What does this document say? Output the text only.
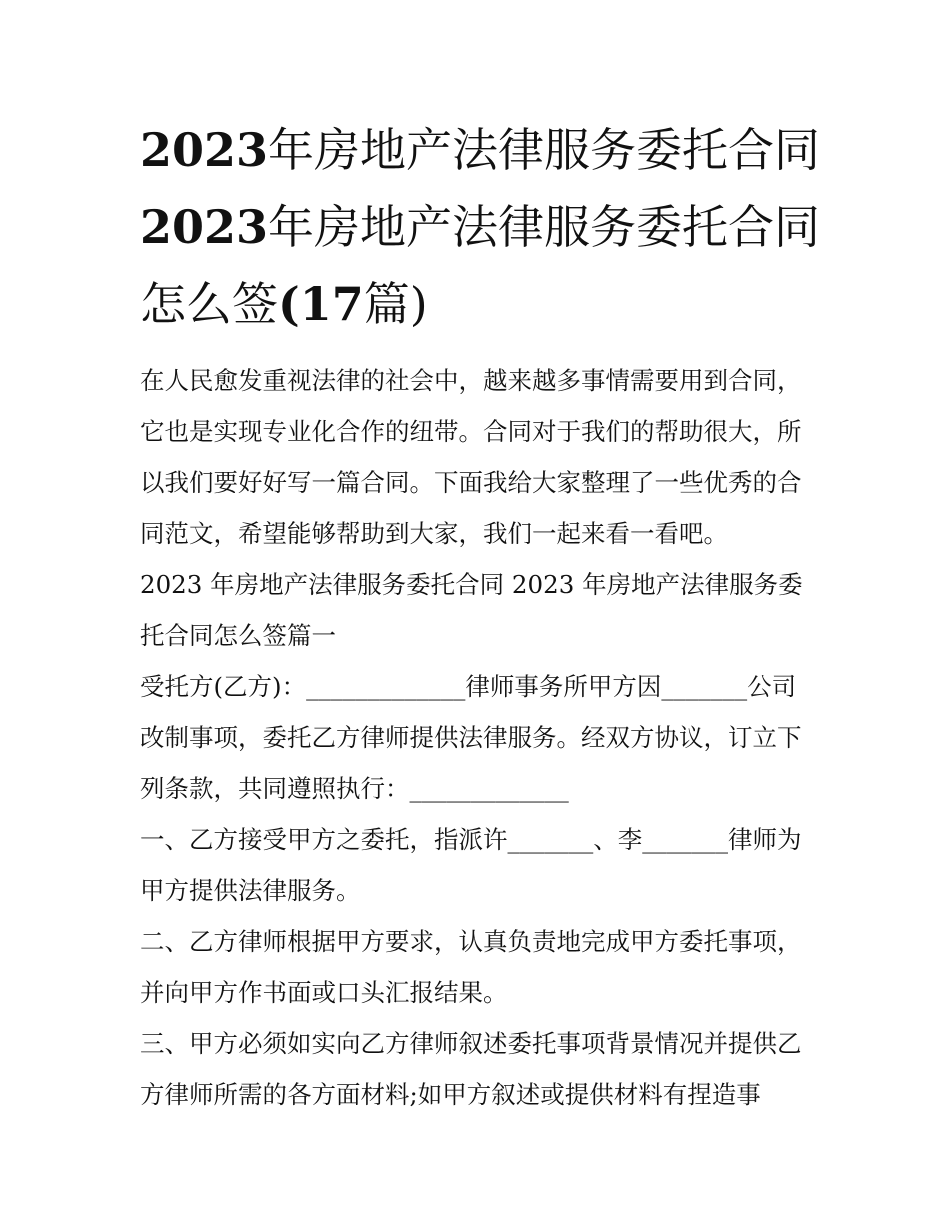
2023年房地产法律服务委托合同2023年房地产法律服务委托合同怎么签(17篇)

在人民愈发重视法律的社会中，越来越多事情需要用到合同，它也是实现专业化合作的纽带。合同对于我们的帮助很大，所以我们要好好写一篇合同。下面我给大家整理了一些优秀的合同范文，希望能够帮助到大家，我们一起来看一看吧。

2023 年房地产法律服务委托合同 2023 年房地产法律服务委托合同怎么签篇一

受托方(乙方)：_____________律师事务所甲方因_______公司改制事项，委托乙方律师提供法律服务。经双方协议，订立下列条款，共同遵照执行：_____________

一、乙方接受甲方之委托，指派许_______、李_______律师为甲方提供法律服务。

二、乙方律师根据甲方要求，认真负责地完成甲方委托事项，并向甲方作书面或口头汇报结果。

三、甲方必须如实向乙方律师叙述委托事项背景情况并提供乙方律师所需的各方面材料;如甲方叙述或提供材料有捏造事
